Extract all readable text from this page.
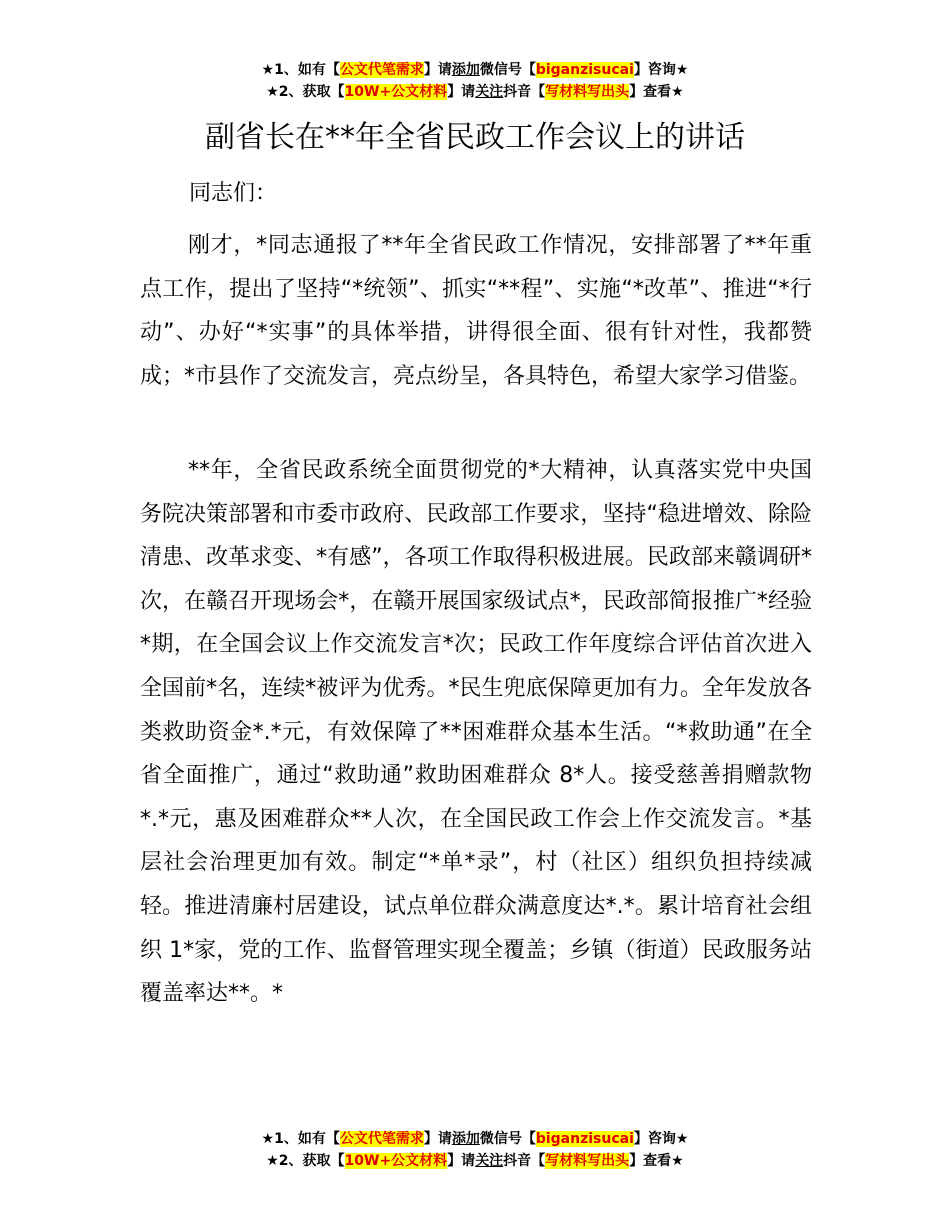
★1、如有【公文代笔需求】请添加微信号【biganzisucai】咨询★
★2、获取【10W+公文材料】请关注抖音【写材料写出头】查看★
副省长在**年全省民政工作会议上的讲话

同志们：

刚才，*同志通报了**年全省民政工作情况，安排部署了**年重点工作，提出了坚持“*统领”、抓实“**程”、实施“*改革”、推进“*行动”、办好“*实事”的具体举措，讲得很全面、很有针对性，我都赞成；*市县作了交流发言，亮点纷呈，各具特色，希望大家学习借鉴。

**年，全省民政系统全面贯彻党的*大精神，认真落实党中央国务院决策部署和市委市政府、民政部工作要求，坚持“稳进增效、除险清患、改革求变、*有感”，各项工作取得积极进展。民政部来赣调研*次，在赣召开现场会*，在赣开展国家级试点*，民政部简报推广*经验*期，在全国会议上作交流发言*次；民政工作年度综合评估首次进入全国前*名，连续*被评为优秀。*民生兜底保障更加有力。全年发放各类救助资金*.*元，有效保障了**困难群众基本生活。“*救助通”在全省全面推广，通过“救助通”救助困难群众 8*人。接受慈善捐赠款物*.*元，惠及困难群众**人次，在全国民政工作会上作交流发言。*基层社会治理更加有效。制定“*单*录”，村（社区）组织负担持续减轻。推进清廉村居建设，试点单位群众满意度达*.*。累计培育社会组织 1*家，党的工作、监督管理实现全覆盖；乡镇（街道）民政服务站覆盖率达**。*

★1、如有【公文代笔需求】请添加微信号【biganzisucai】咨询★
★2、获取【10W+公文材料】请关注抖音【写材料写出头】查看★
